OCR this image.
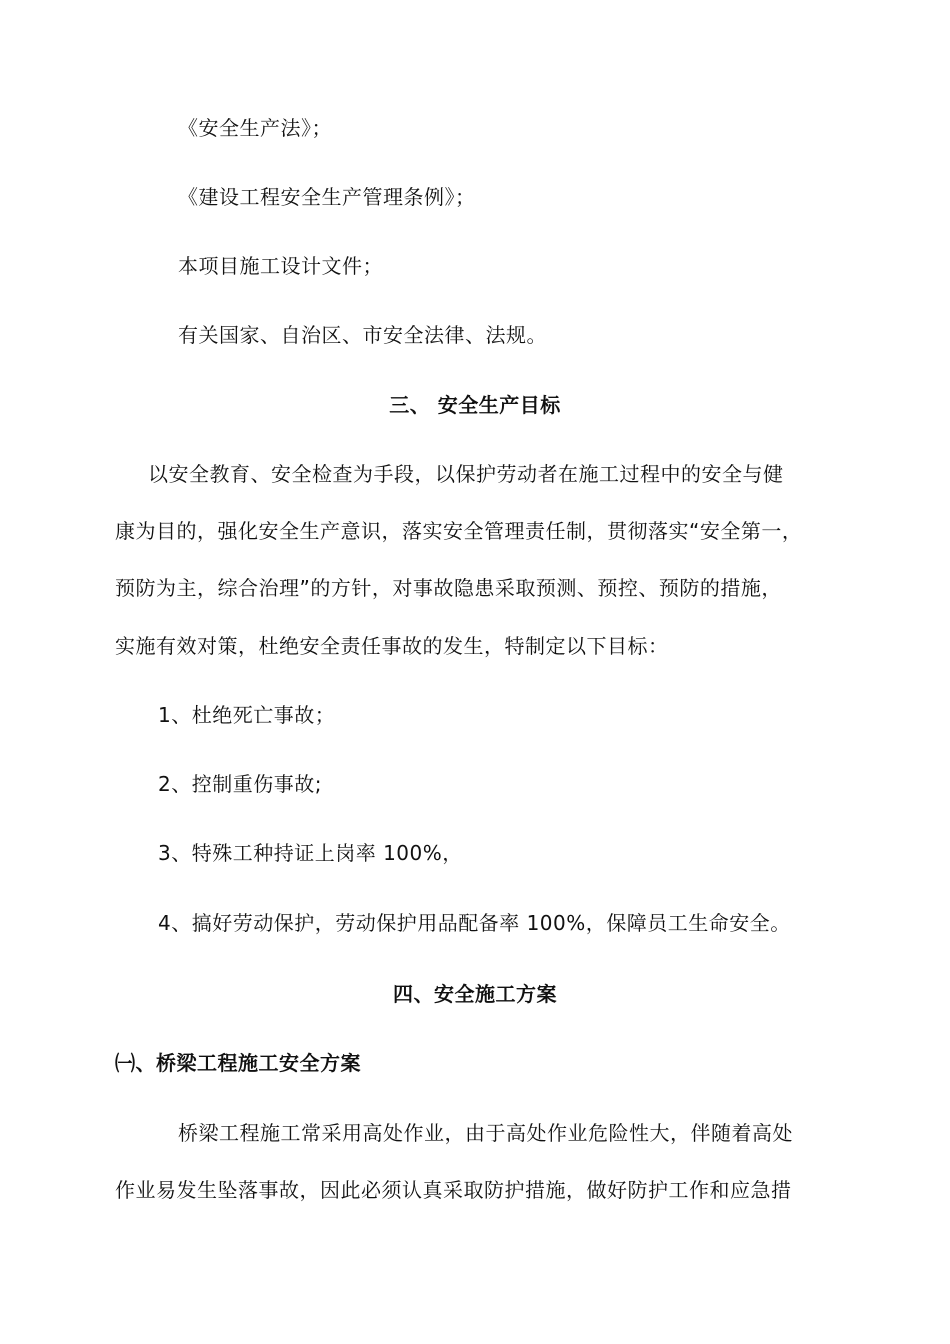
《安全生产法》；
《建设工程安全生产管理条例》；
本项目施工设计文件；
有关国家、自治区、市安全法律、法规。
三、 安全生产目标
以安全教育、安全检查为手段，以保护劳动者在施工过程中的安全与健
康为目的，强化安全生产意识，落实安全管理责任制，贯彻落实“安全第一，
预防为主，综合治理”的方针，对事故隐患采取预测、预控、预防的措施，
实施有效对策，杜绝安全责任事故的发生，特制定以下目标：
1、杜绝死亡事故；
2、控制重伤事故;
3、特殊工种持证上岗率 100%，
4、搞好劳动保护，劳动保护用品配备率 100%，保障员工生命安全。
四、安全施工方案
㈠、桥梁工程施工安全方案
桥梁工程施工常采用高处作业，由于高处作业危险性大，伴随着高处
作业易发生坠落事故，因此必须认真采取防护措施，做好防护工作和应急措
